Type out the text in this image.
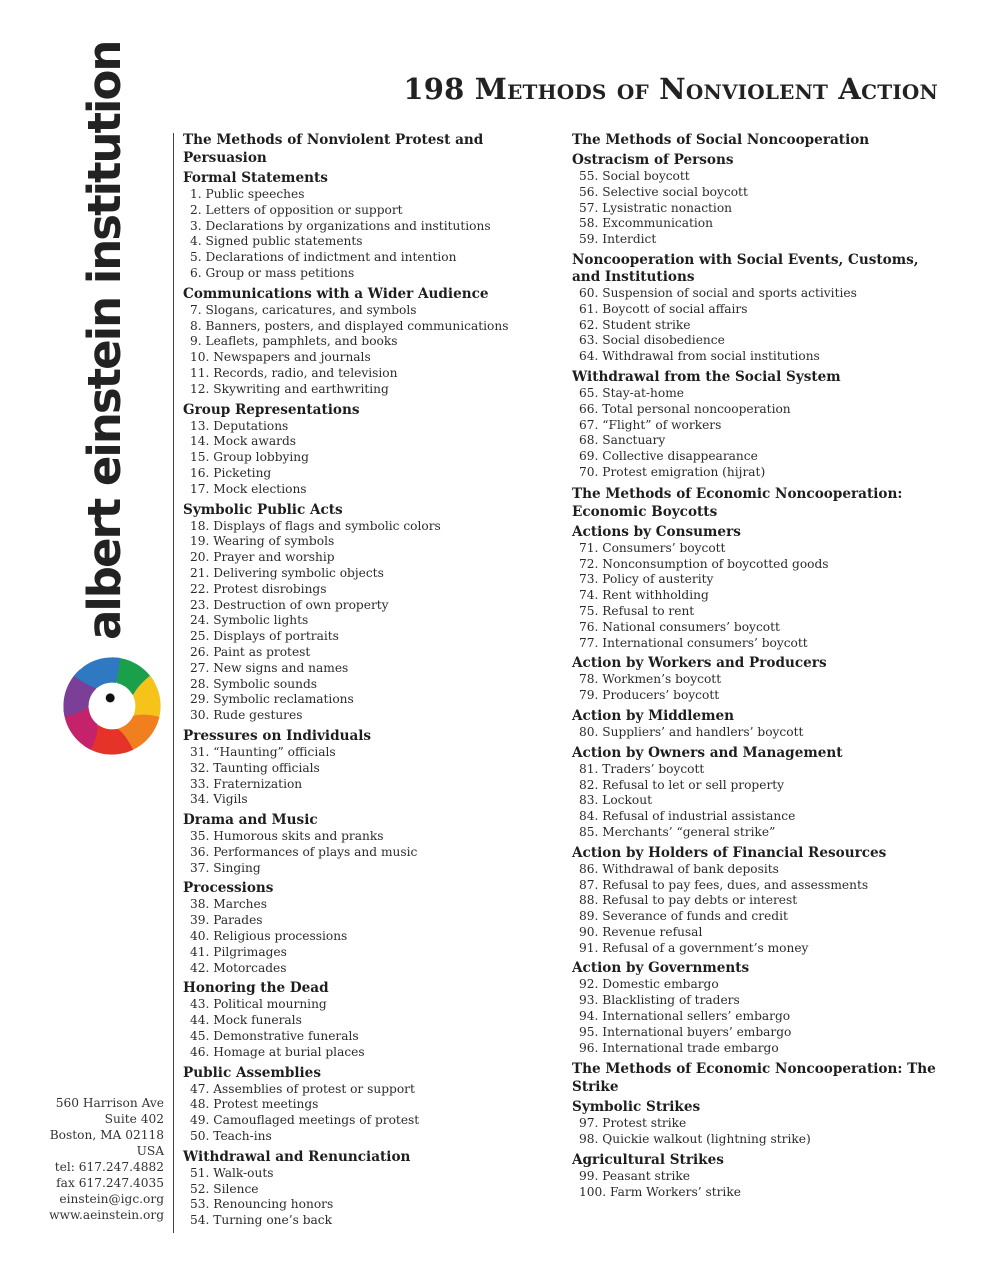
198 Methods of Nonviolent Action
albert einstein institution
560 Harrison Ave
Suite 402
Boston, MA 02118
USA
tel: 617.247.4882
fax 617.247.4035
einstein@igc.org
www.aeinstein.org
The Methods of Nonviolent Protest and Persuasion
Formal Statements
1. Public speeches
2. Letters of opposition or support
3. Declarations by organizations and institutions
4. Signed public statements
5. Declarations of indictment and intention
6. Group or mass petitions
Communications with a Wider Audience
7. Slogans, caricatures, and symbols
8. Banners, posters, and displayed communications
9. Leaflets, pamphlets, and books
10. Newspapers and journals
11. Records, radio, and television
12. Skywriting and earthwriting
Group Representations
13. Deputations
14. Mock awards
15. Group lobbying
16. Picketing
17. Mock elections
Symbolic Public Acts
18. Displays of flags and symbolic colors
19. Wearing of symbols
20. Prayer and worship
21. Delivering symbolic objects
22. Protest disrobings
23. Destruction of own property
24. Symbolic lights
25. Displays of portraits
26. Paint as protest
27. New signs and names
28. Symbolic sounds
29. Symbolic reclamations
30. Rude gestures
Pressures on Individuals
31. “Haunting” officials
32. Taunting officials
33. Fraternization
34. Vigils
Drama and Music
35. Humorous skits and pranks
36. Performances of plays and music
37. Singing
Processions
38. Marches
39. Parades
40. Religious processions
41. Pilgrimages
42. Motorcades
Honoring the Dead
43. Political mourning
44. Mock funerals
45. Demonstrative funerals
46. Homage at burial places
Public Assemblies
47. Assemblies of protest or support
48. Protest meetings
49. Camouflaged meetings of protest
50. Teach-ins
Withdrawal and Renunciation
51. Walk-outs
52. Silence
53. Renouncing honors
54. Turning one’s back
The Methods of Social Noncooperation
Ostracism of Persons
55. Social boycott
56. Selective social boycott
57. Lysistratic nonaction
58. Excommunication
59. Interdict
Noncooperation with Social Events, Customs, and Institutions
60. Suspension of social and sports activities
61. Boycott of social affairs
62. Student strike
63. Social disobedience
64. Withdrawal from social institutions
Withdrawal from the Social System
65. Stay-at-home
66. Total personal noncooperation
67. “Flight” of workers
68. Sanctuary
69. Collective disappearance
70. Protest emigration (hijrat)
The Methods of Economic Noncooperation: Economic Boycotts
Actions by Consumers
71. Consumers’ boycott
72. Nonconsumption of boycotted goods
73. Policy of austerity
74. Rent withholding
75. Refusal to rent
76. National consumers’ boycott
77. International consumers’ boycott
Action by Workers and Producers
78. Workmen’s boycott
79. Producers’ boycott
Action by Middlemen
80. Suppliers’ and handlers’ boycott
Action by Owners and Management
81. Traders’ boycott
82. Refusal to let or sell property
83. Lockout
84. Refusal of industrial assistance
85. Merchants’ “general strike”
Action by Holders of Financial Resources
86. Withdrawal of bank deposits
87. Refusal to pay fees, dues, and assessments
88. Refusal to pay debts or interest
89. Severance of funds and credit
90. Revenue refusal
91. Refusal of a government’s money
Action by Governments
92. Domestic embargo
93. Blacklisting of traders
94. International sellers’ embargo
95. International buyers’ embargo
96. International trade embargo
The Methods of Economic Noncooperation: The Strike
Symbolic Strikes
97. Protest strike
98. Quickie walkout (lightning strike)
Agricultural Strikes
99. Peasant strike
100. Farm Workers’ strike
